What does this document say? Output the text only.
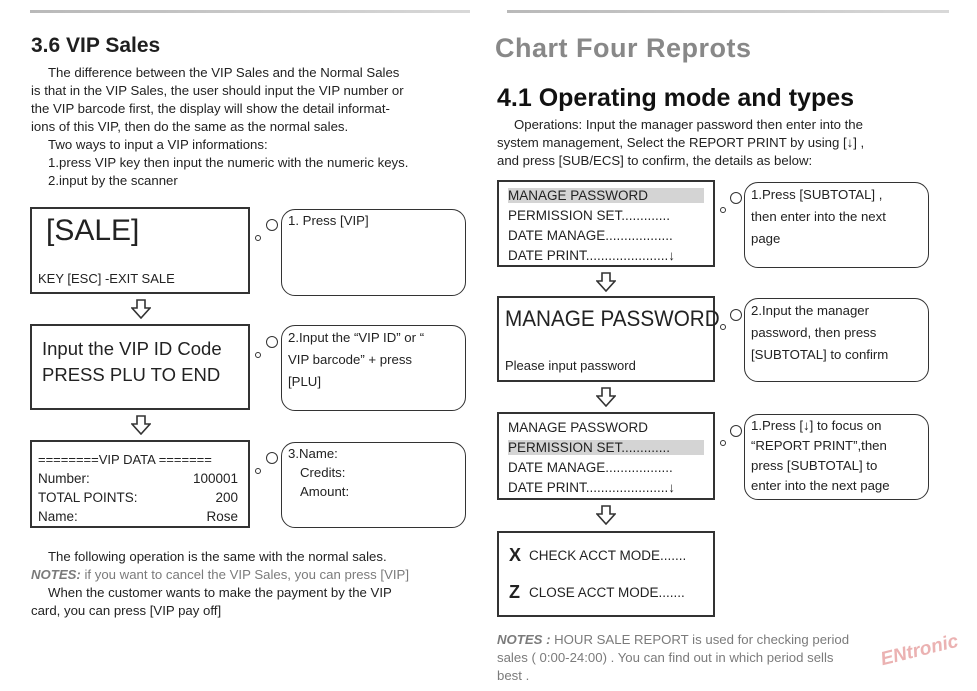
3.6 VIP Sales

The difference between the VIP Sales and the Normal Sales

is that in the VIP Sales, the user should input the VIP number or

the VIP barcode first, the display will show the detail informat-

ions of this VIP, then do the same as the normal sales.

Two ways to input a VIP informations:

1.press VIP key then input the numeric with the numeric keys.

2.input by the scanner

[SALE]
KEY [ESC] -EXIT SALE
1. Press [VIP]
Input the VIP ID Code
PRESS PLU TO END
2.Input the “VIP ID” or “
VIP barcode” + press
[PLU]
========VIP DATA =======
Number:	100001
TOTAL POINTS:	200
Name:	Rose
3.Name:
Credits:
Amount:

The following operation is the same with the normal sales.

NOTES: if you want to cancel the VIP Sales, you can press [VIP]

When the customer wants to make the payment by the VIP

card, you can press [VIP pay off]

Chart Four Reprots
4.1 Operating mode and types

Operations: Input the manager password then enter into the

system management, Select the REPORT PRINT by using [↓] ,

and press [SUB/ECS] to confirm, the details as below:

MANAGE PASSWORD
PERMISSION SET.............
DATE MANAGE..................
DATE PRINT......................↓
1.Press [SUBTOTAL] ,
then enter into the next
page
MANAGE PASSWORD
Please input password
2.Input the manager
password, then press
[SUBTOTAL] to confirm
MANAGE PASSWORD
PERMISSION SET.............
DATE MANAGE..................
DATE PRINT......................↓
1.Press [↓] to focus on
“REPORT PRINT”,then
press [SUBTOTAL] to
enter into the next page
X CHECK ACCT MODE.......
Z CLOSE ACCT MODE.......

NOTES : HOUR SALE REPORT is used for checking period

sales ( 0:00-24:00) . You can find out in which period sells

best .

ENtronic
